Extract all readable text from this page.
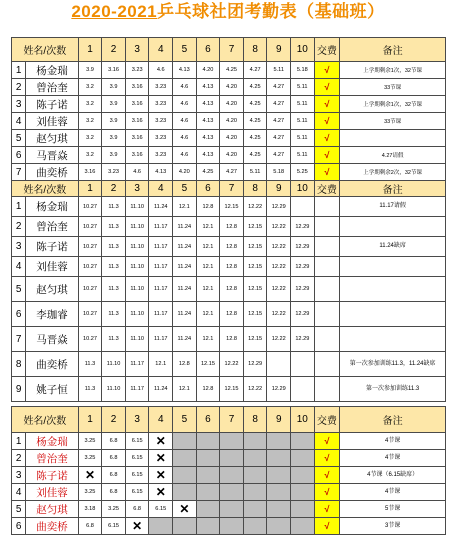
2020-2021乒乓球社团考勤表（基础班）
姓名/次数		1	2	3	4	5	6	7	8	9	10	交费	备注
1	杨金瑞	3.9	3.16	3.23	4.6	4.13	4.20	4.25	4.27	5.11	5.18	√	上学期剩余1次，32节课
2	曾治奎	3.2	3.9	3.16	3.23	4.6	4.13	4.20	4.25	4.27	5.11	√	33节课
3	陈子诺	3.2	3.9	3.16	3.23	4.6	4.13	4.20	4.25	4.27	5.11	√	上学期剩余1次，32节课
4	刘佳蓉	3.2	3.9	3.16	3.23	4.6	4.13	4.20	4.25	4.27	5.11	√	33节课
5	赵匀琪	3.2	3.9	3.16	3.23	4.6	4.13	4.20	4.25	4.27	5.11	√	
6	马晋焱	3.2	3.9	3.16	3.23	4.6	4.13	4.20	4.25	4.27	5.11	√	4.27请假
7	曲奕桥	3.16	3.23	4.6	4.13	4.20	4.25	4.27	5.11	5.18	5.25	√	上学期剩余2次，32节课
姓名/次数		1	2	3	4	5	6	7	8	9	10	交费	备注
1	杨金瑞	10.27	11.3	11.10	11.24	12.1	12.8	12.15	12.22	12.29			11.17请假
2	曾治奎	10.27	11.3	11.10	11.17	11.24	12.1	12.8	12.15	12.22	12.29		
3	陈子诺	10.27	11.3	11.10	11.17	11.24	12.1	12.8	12.15	12.22	12.29		11.24缺席
4	刘佳蓉	10.27	11.3	11.10	11.17	11.24	12.1	12.8	12.15	12.22	12.29		
5	赵匀琪	10.27	11.3	11.10	11.17	11.24	12.1	12.8	12.15	12.22	12.29		
6	李珈睿	10.27	11.3	11.10	11.17	11.24	12.1	12.8	12.15	12.22	12.29		
7	马晋焱	10.27	11.3	11.10	11.17	11.24	12.1	12.8	12.15	12.22	12.29		
8	曲奕桥	11.3	11.10	11.17	12.1	12.8	12.15	12.22	12.29				第一次参加训练11.3，11.24缺席
9	姚子恒	11.3	11.10	11.17	11.24	12.1	12.8	12.15	12.22	12.29			第一次参加训练11.3
姓名/次数		1	2	3	4	5	6	7	8	9	10	交费	备注
1	杨金瑞	3.25	6.8	6.15	✕							√	4节课
2	曾治奎	3.25	6.8	6.15	✕							√	4节课
3	陈子诺	✕	6.8	6.15	✕							√	4节课（6.15缺席）
4	刘佳蓉	3.25	6.8	6.15	✕							√	4节课
5	赵匀琪	3.18	3.25	6.8	6.15	✕						√	5节课
6	曲奕桥	6.8	6.15	✕								√	3节课
